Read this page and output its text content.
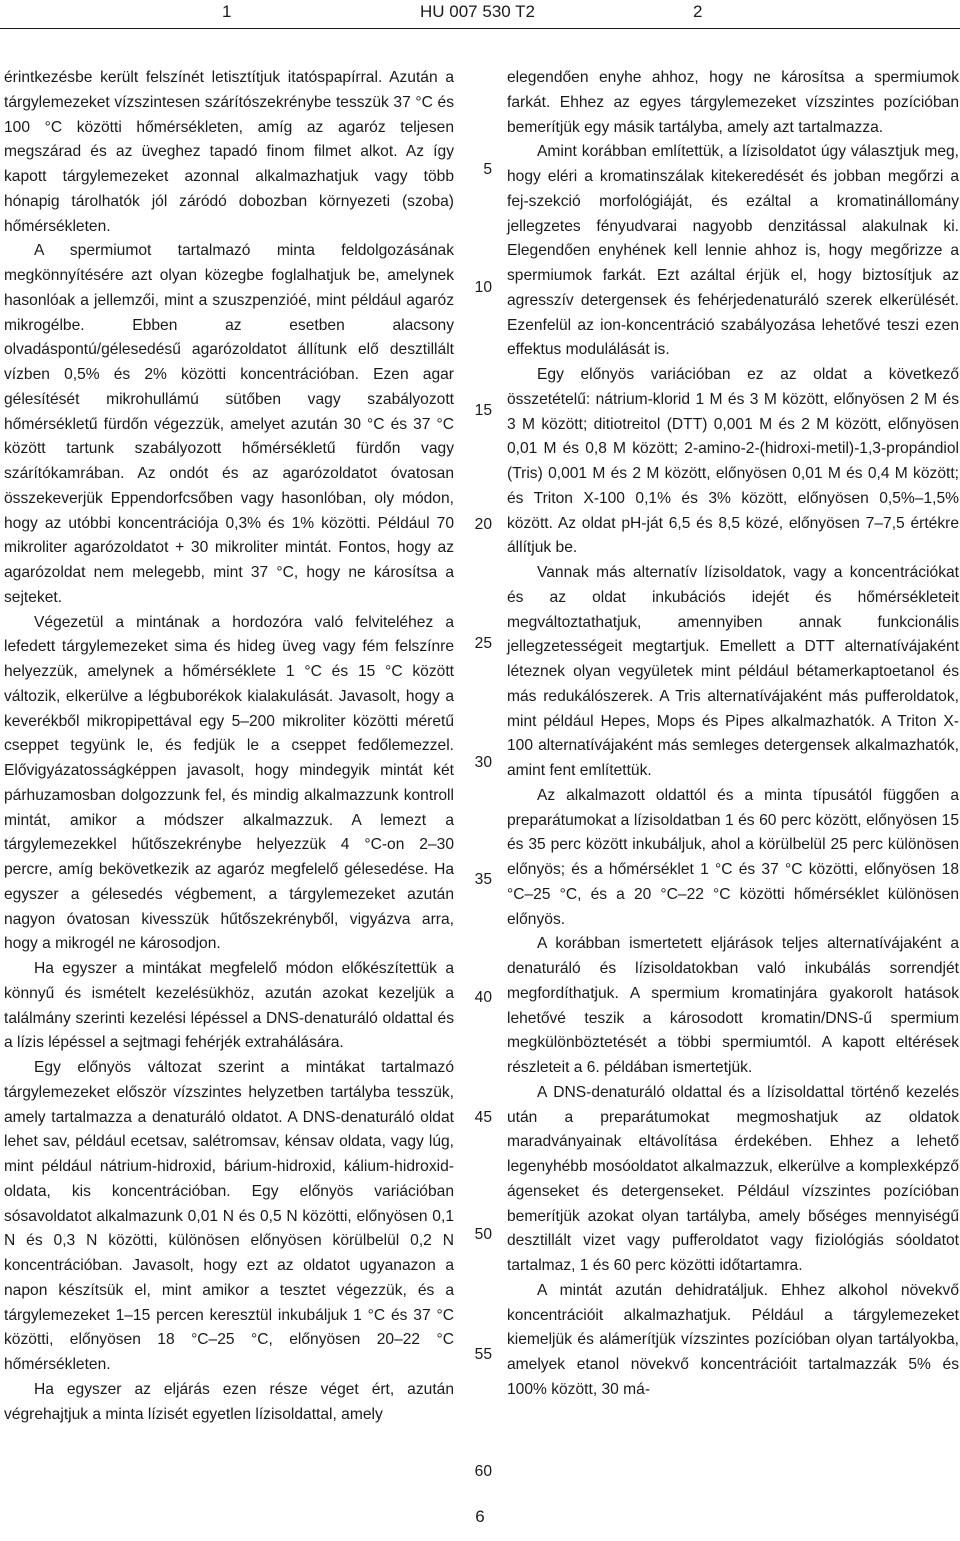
1	HU 007 530 T2	2

érintkezésbe került felszínét letisztítjuk itatóspapírral. Azután a tárgylemezeket vízszintesen szárítószekrénybe tesszük 37 °C és 100 °C közötti hőmérsékleten, amíg az agaróz teljesen megszárad és az üveghez tapadó finom filmet alkot. Az így kapott tárgylemezeket azonnal alkalmazhatjuk vagy több hónapig tárolhatók jól záródó dobozban környezeti (szoba) hőmérsékleten.

A spermiumot tartalmazó minta feldolgozásának megkönnyítésére azt olyan közegbe foglalhatjuk be, amelynek hasonlóak a jellemzői, mint a szuszpenzióé, mint például agaróz mikrogélbe. Ebben az esetben alacsony olvadáspontú/gélesedésű agarózoldatot állítunk elő desztillált vízben 0,5% és 2% közötti koncentrációban. Ezen agar gélesítését mikrohullámú sütőben vagy szabályozott hőmérsékletű fürdőn végezzük, amelyet azután 30 °C és 37 °C között tartunk szabályozott hőmérsékletű fürdőn vagy szárítókamrában. Az ondót és az agarózoldatot óvatosan összekeverjük Eppendorfcsőben vagy hasonlóban, oly módon, hogy az utóbbi koncentrációja 0,3% és 1% közötti. Például 70 mikroliter agarózoldatot + 30 mikroliter mintát. Fontos, hogy az agarózoldat nem melegebb, mint 37 °C, hogy ne károsítsa a sejteket.

Végezetül a mintának a hordozóra való felviteléhez a lefedett tárgylemezeket sima és hideg üveg vagy fém felszínre helyezzük, amelynek a hőmérséklete 1 °C és 15 °C között változik, elkerülve a légbuborékok kialakulását. Javasolt, hogy a keverékből mikropipettával egy 5–200 mikroliter közötti méretű cseppet tegyünk le, és fedjük le a cseppet fedőlemezzel. Elővigyázatosságképpen javasolt, hogy mindegyik mintát két párhuzamosban dolgozzunk fel, és mindig alkalmazzunk kontroll mintát, amikor a módszer alkalmazzuk. A lemezt a tárgylemezekkel hűtőszekrénybe helyezzük 4 °C-on 2–30 percre, amíg bekövetkezik az agaróz megfelelő gélesedése. Ha egyszer a gélesedés végbement, a tárgylemezeket azután nagyon óvatosan kivesszük hűtőszekrényből, vigyázva arra, hogy a mikrogél ne károsodjon.

Ha egyszer a mintákat megfelelő módon előkészítettük a könnyű és ismételt kezelésükhöz, azután azokat kezeljük a találmány szerinti kezelési lépéssel a DNS-denaturáló oldattal és a lízis lépéssel a sejtmagi fehérjék extrahálására.

Egy előnyös változat szerint a mintákat tartalmazó tárgylemezeket először vízszintes helyzetben tartályba tesszük, amely tartalmazza a denaturáló oldatot. A DNS-denaturáló oldat lehet sav, például ecetsav, salétromsav, kénsav oldata, vagy lúg, mint például nátrium-hidroxid, bárium-hidroxid, kálium-hidroxid-oldata, kis koncentrációban. Egy előnyös variációban sósavoldatot alkalmazunk 0,01 N és 0,5 N közötti, előnyösen 0,1 N és 0,3 N közötti, különösen előnyösen körülbelül 0,2 N koncentrációban. Javasolt, hogy ezt az oldatot ugyanazon a napon készítsük el, mint amikor a tesztet végezzük, és a tárgylemezeket 1–15 percen keresztül inkubáljuk 1 °C és 37 °C közötti, előnyösen 18 °C–25 °C, előnyösen 20–22 °C hőmérsékleten.

Ha egyszer az eljárás ezen része véget ért, azután végrehajtjuk a minta lízisét egyetlen lízisoldattal, amely

5
10
15
20
25
30
35
40
45
50
55
60

elegendően enyhe ahhoz, hogy ne károsítsa a spermiumok farkát. Ehhez az egyes tárgylemezeket vízszintes pozícióban bemerítjük egy másik tartályba, amely azt tartalmazza.

Amint korábban említettük, a lízisoldatot úgy választjuk meg, hogy eléri a kromatinszálak kitekeredését és jobban megőrzi a fej-szekció morfológiáját, és ezáltal a kromatinállomány jellegzetes fényudvarai nagyobb denzitással alakulnak ki. Elegendően enyhének kell lennie ahhoz is, hogy megőrizze a spermiumok farkát. Ezt azáltal érjük el, hogy biztosítjuk az agresszív detergensek és fehérjedenaturáló szerek elkerülését. Ezenfelül az ion-koncentráció szabályozása lehetővé teszi ezen effektus modulálását is.

Egy előnyös variációban ez az oldat a következő összetételű: nátrium-klorid 1 M és 3 M között, előnyösen 2 M és 3 M között; ditiotreitol (DTT) 0,001 M és 2 M között, előnyösen 0,01 M és 0,8 M között; 2-amino-2-(hidroxi-metil)-1,3-propándiol (Tris) 0,001 M és 2 M között, előnyösen 0,01 M és 0,4 M között; és Triton X-100 0,1% és 3% között, előnyösen 0,5%–1,5% között. Az oldat pH-ját 6,5 és 8,5 közé, előnyösen 7–7,5 értékre állítjuk be.

Vannak más alternatív lízisoldatok, vagy a koncentrációkat és az oldat inkubációs idejét és hőmérsékleteit megváltoztathatjuk, amennyiben annak funkcionális jellegzetességeit megtartjuk. Emellett a DTT alternatívájaként léteznek olyan vegyületek mint például bétamerkaptoetanol és más redukálószerek. A Tris alternatívájaként más pufferoldatok, mint például Hepes, Mops és Pipes alkalmazhatók. A Triton X-100 alternatívájaként más semleges detergensek alkalmazhatók, amint fent említettük.

Az alkalmazott oldattól és a minta típusától függően a preparátumokat a lízisoldatban 1 és 60 perc között, előnyösen 15 és 35 perc között inkubáljuk, ahol a körülbelül 25 perc különösen előnyös; és a hőmérséklet 1 °C és 37 °C közötti, előnyösen 18 °C–25 °C, és a 20 °C–22 °C közötti hőmérséklet különösen előnyös.

A korábban ismertetett eljárások teljes alternatívájaként a denaturáló és lízisoldatokban való inkubálás sorrendjét megfordíthatjuk. A spermium kromatinjára gyakorolt hatások lehetővé teszik a károsodott kromatin/DNS-ű spermium megkülönböztetését a többi spermiumtól. A kapott eltérések részleteit a 6. példában ismertetjük.

A DNS-denaturáló oldattal és a lízisoldattal történő kezelés után a preparátumokat megmoshatjuk az oldatok maradványainak eltávolítása érdekében. Ehhez a lehető legenyhébb mosóoldatot alkalmazzuk, elkerülve a komplexképző ágenseket és detergenseket. Például vízszintes pozícióban bemerítjük azokat olyan tartályba, amely bőséges mennyiségű desztillált vizet vagy pufferoldatot vagy fiziológiás sóoldatot tartalmaz, 1 és 60 perc közötti időtartamra.

A mintát azután dehidratáljuk. Ehhez alkohol növekvő koncentrációit alkalmazhatjuk. Például a tárgylemezeket kiemeljük és alámerítjük vízszintes pozícióban olyan tartályokba, amelyek etanol növekvő koncentrációit tartalmazzák 5% és 100% között, 30 má-

6
